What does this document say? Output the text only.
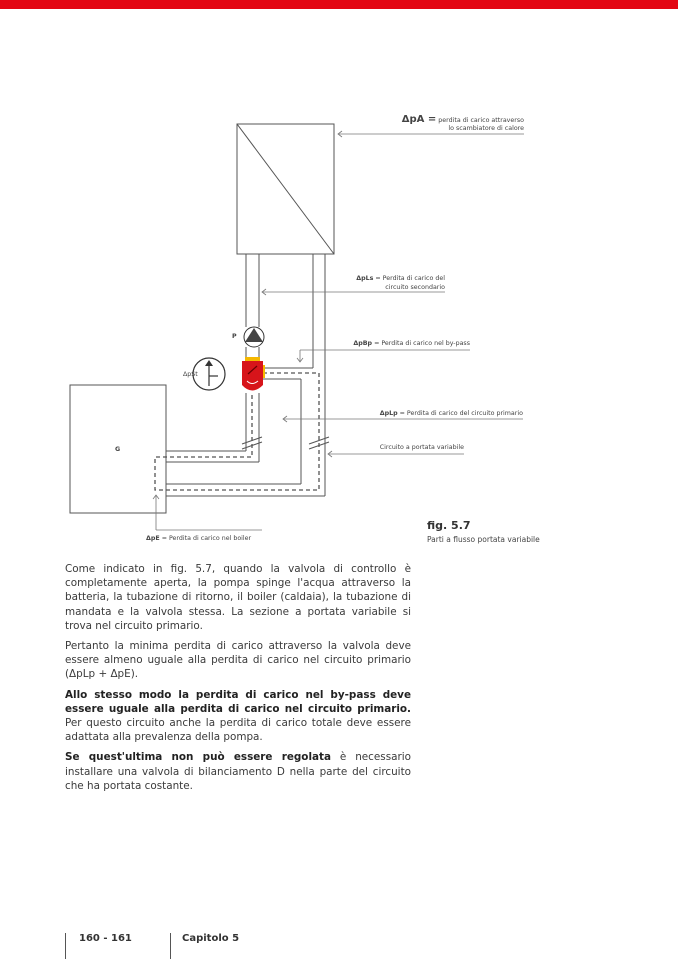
ΔpA = perdita di carico attraverso
lo scambiatore di calore
ΔpLs = Perdita di carico del
circuito secondario
ΔpBp = Perdita di carico nel by-pass
ΔpLp = Perdita di carico del circuito primario
Circuito a portata variabile
ΔpE = Perdita di carico nel boiler
P
ΔpSt
G
fig. 5.7
Parti a flusso portata variabile

Come indicato in fig. 5.7, quando la valvola di controllo è completamente aperta, la pompa spinge l'acqua attraverso la batteria, la tubazione di ritorno, il boiler (caldaia), la tubazione di mandata e la valvola stessa. La sezione a portata variabile si trova nel circuito primario.

Pertanto la minima perdita di carico attraverso la valvola deve essere almeno uguale alla perdita di carico nel circuito primario (ΔpLp + ΔpE).

Allo stesso modo la perdita di carico nel by-pass deve essere uguale alla perdita di carico nel circuito primario. Per questo circuito anche la perdita di carico totale deve essere adattata alla prevalenza della pompa.

Se quest'ultima non può essere regolata è necessario installare una valvola di bilanciamento D nella parte del circuito che ha portata costante.

160 - 161	Capitolo 5
